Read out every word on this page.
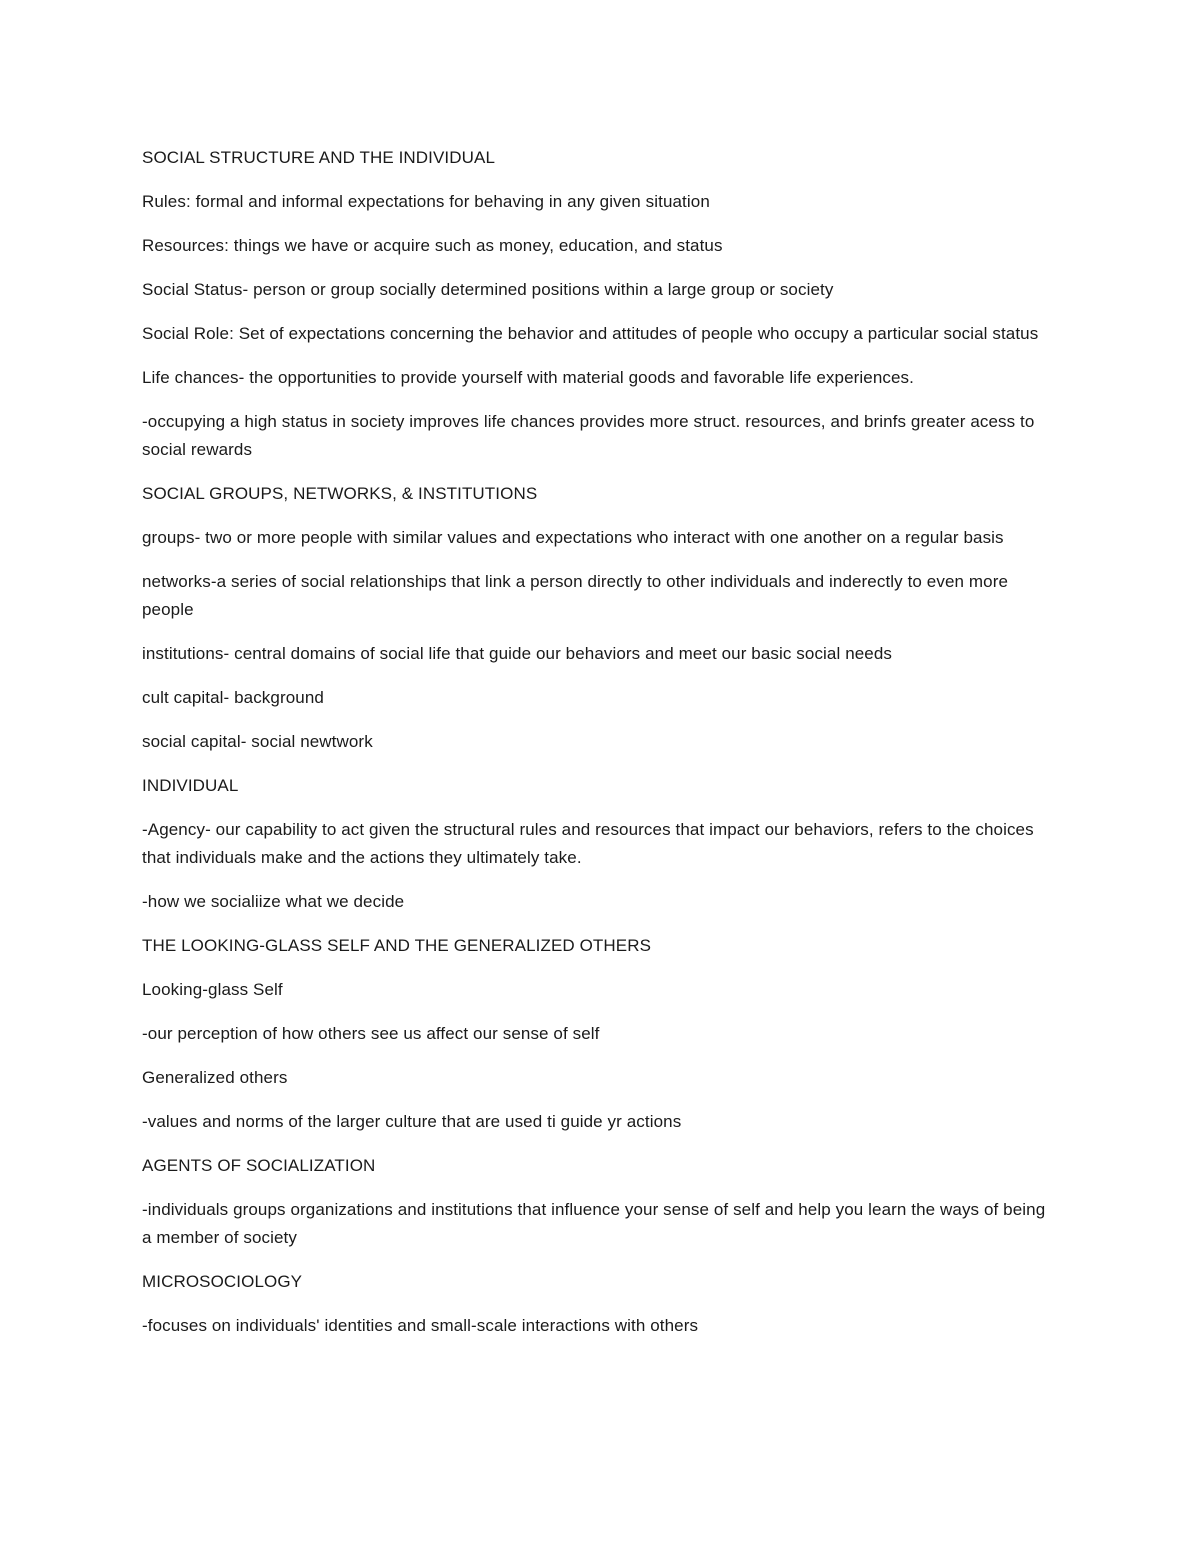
SOCIAL STRUCTURE AND THE INDIVIDUAL

Rules: formal and informal expectations for behaving in any given situation

Resources: things we have or acquire such as money, education, and status

Social Status- person or group socially determined positions within a large group or society

Social Role: Set of expectations concerning the behavior and attitudes of people who occupy a particular social status

Life chances- the opportunities to provide yourself with material goods and favorable life experiences.

-occupying a high status in society improves life chances provides more struct. resources, and brinfs greater acess to social rewards

SOCIAL GROUPS, NETWORKS, & INSTITUTIONS

groups- two or more people with similar values and expectations who interact with one another on a regular basis

networks-a series of social relationships that link a person directly to other individuals and inderectly to even more people

institutions- central domains of social life that guide our behaviors and meet our basic social needs

cult capital- background

social capital- social newtwork

INDIVIDUAL

-Agency- our capability to act given the structural rules and resources that impact our behaviors, refers to the choices that individuals make and the actions they ultimately take.

-how we socialiize what we decide

THE LOOKING-GLASS SELF AND THE GENERALIZED OTHERS

Looking-glass Self

-our perception of how others see us affect our sense of self

Generalized others

-values and norms of the larger culture that are used ti guide yr actions

AGENTS OF SOCIALIZATION

-individuals groups organizations and institutions that influence your sense of self and help you learn the ways of being a member of society

MICROSOCIOLOGY

-focuses on individuals' identities and small-scale interactions with others
